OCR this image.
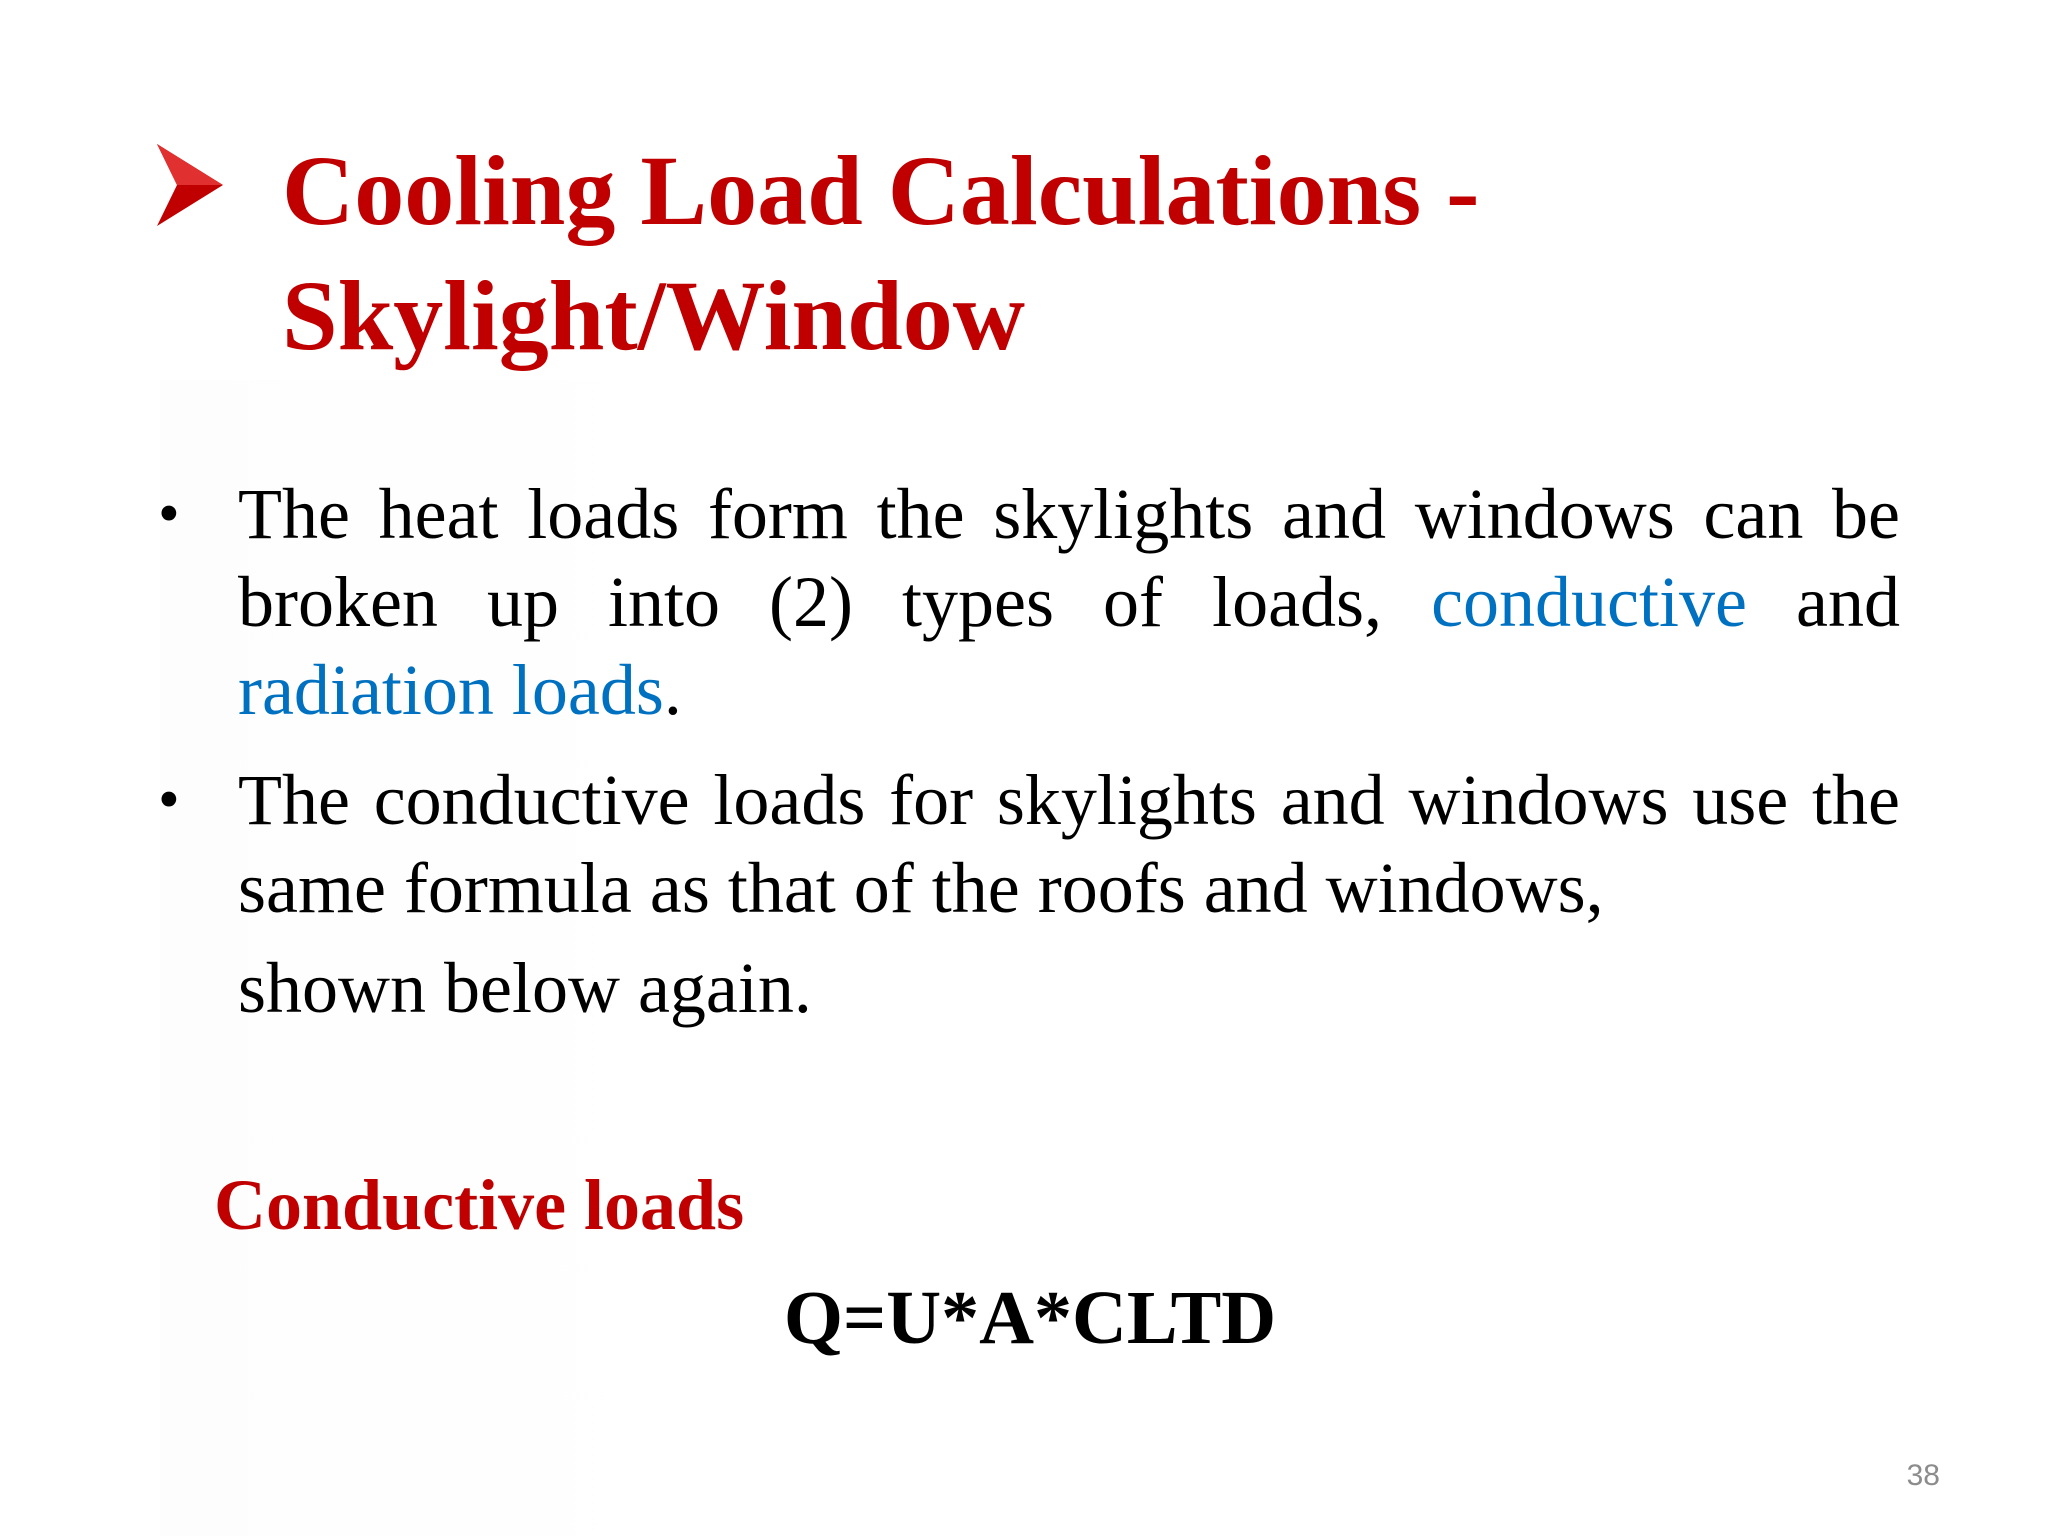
Cooling Load Calculations -
Skylight/Window
• The heat loads form the skylights and windows can be broken up into (2) types of loads, conductive and radiation loads.
• The conductive loads for skylights and windows use the same formula as that of the roofs and windows,
shown below again.
Conductive loads
Q=U*A*CLTD
38
